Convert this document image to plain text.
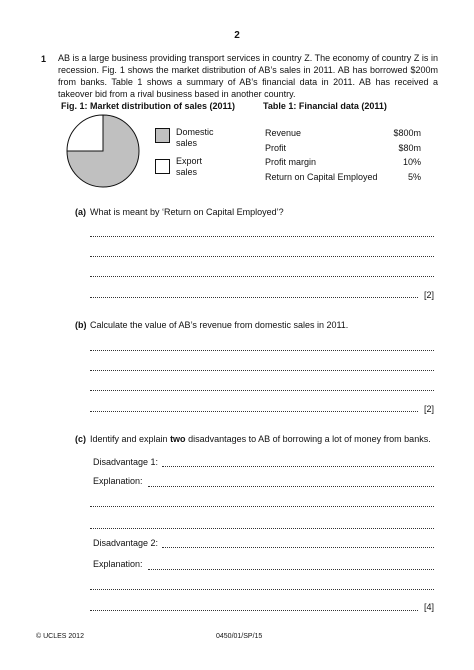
2
1 AB is a large business providing transport services in country Z. The economy of country Z is in recession. Fig. 1 shows the market distribution of AB’s sales in 2011. AB has borrowed $200m from banks. Table 1 shows a summary of AB’s financial data in 2011. AB has received a takeover bid from a rival business based in another country.

Fig. 1: Market distribution of sales (2011)
Domestic
sales
Export
sales
Table 1: Financial data (2011)
Revenue	$800m
Profit	$80m
Profit margin	10%
Return on Capital Employed	5%
(a) What is meant by ‘Return on Capital Employed’?
[2]
(b) Calculate the value of AB’s revenue from domestic sales in 2011.
[2]
(c) Identify and explain two disadvantages to AB of borrowing a lot of money from banks.
Disadvantage 1:
Explanation:
Disadvantage 2:
Explanation:
[4]
© UCLES 2012	0450/01/SP/15
